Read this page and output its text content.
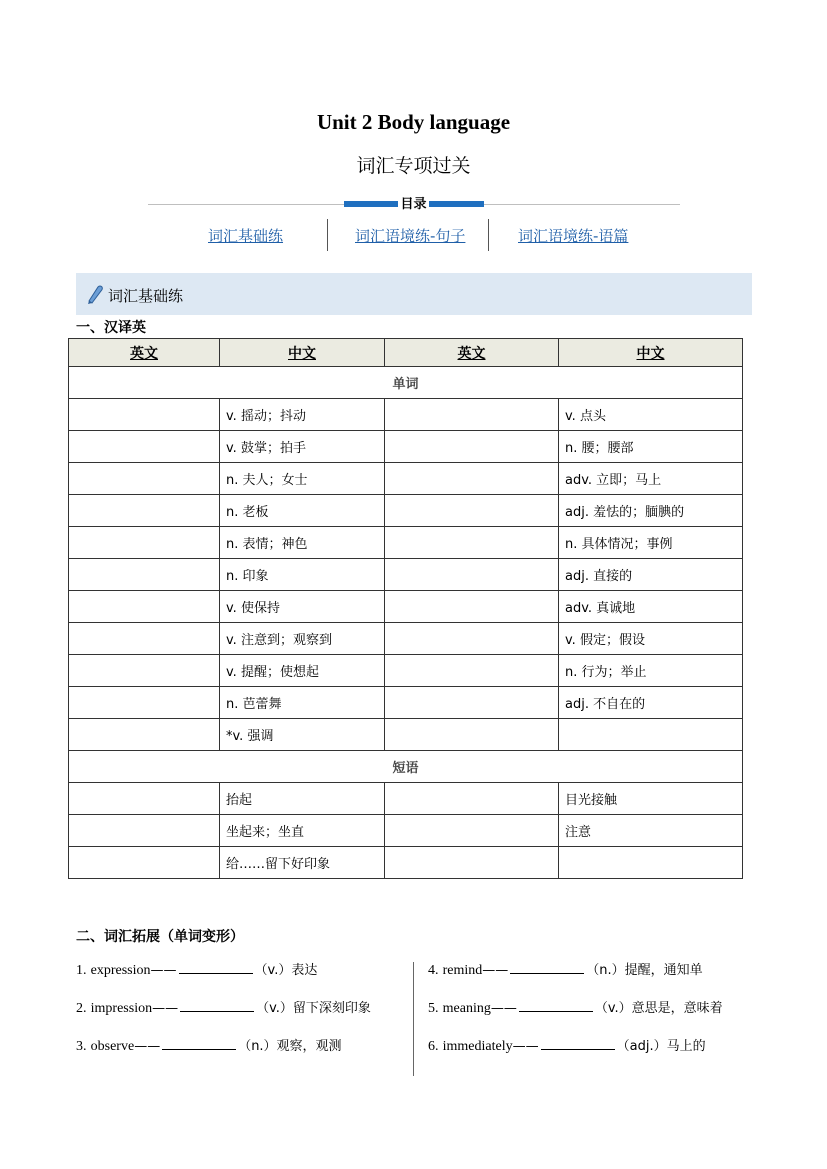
Unit 2 Body language
词汇专项过关
目录
词汇基础练	词汇语境练-句子	词汇语境练-语篇
词汇基础练
一、汉译英
英文	中文	英文	中文
单词			
	v. 摇动；抖动		v. 点头
	v. 鼓掌；拍手		n. 腰；腰部
	n. 夫人；女士		adv. 立即；马上
	n. 老板		adj. 羞怯的；腼腆的
	n. 表情；神色		n. 具体情况；事例
	n. 印象		adj. 直接的
	v. 使保持		adv. 真诚地
	v. 注意到；观察到		v. 假定；假设
	v. 提醒；使想起		n. 行为；举止
	n. 芭蕾舞		adj. 不自在的
	*v. 强调		
短语			
	抬起		目光接触
	坐起来；坐直		注意
	给……留下好印象		
二、词汇拓展（单词变形）
1. expression——	（v.）表达
2. impression——	（v.）留下深刻印象
3. observe——	（n.）观察，观测
4. remind——	（n.）提醒，通知单
5. meaning——	（v.）意思是，意味着
6. immediately——	（adj.）马上的
